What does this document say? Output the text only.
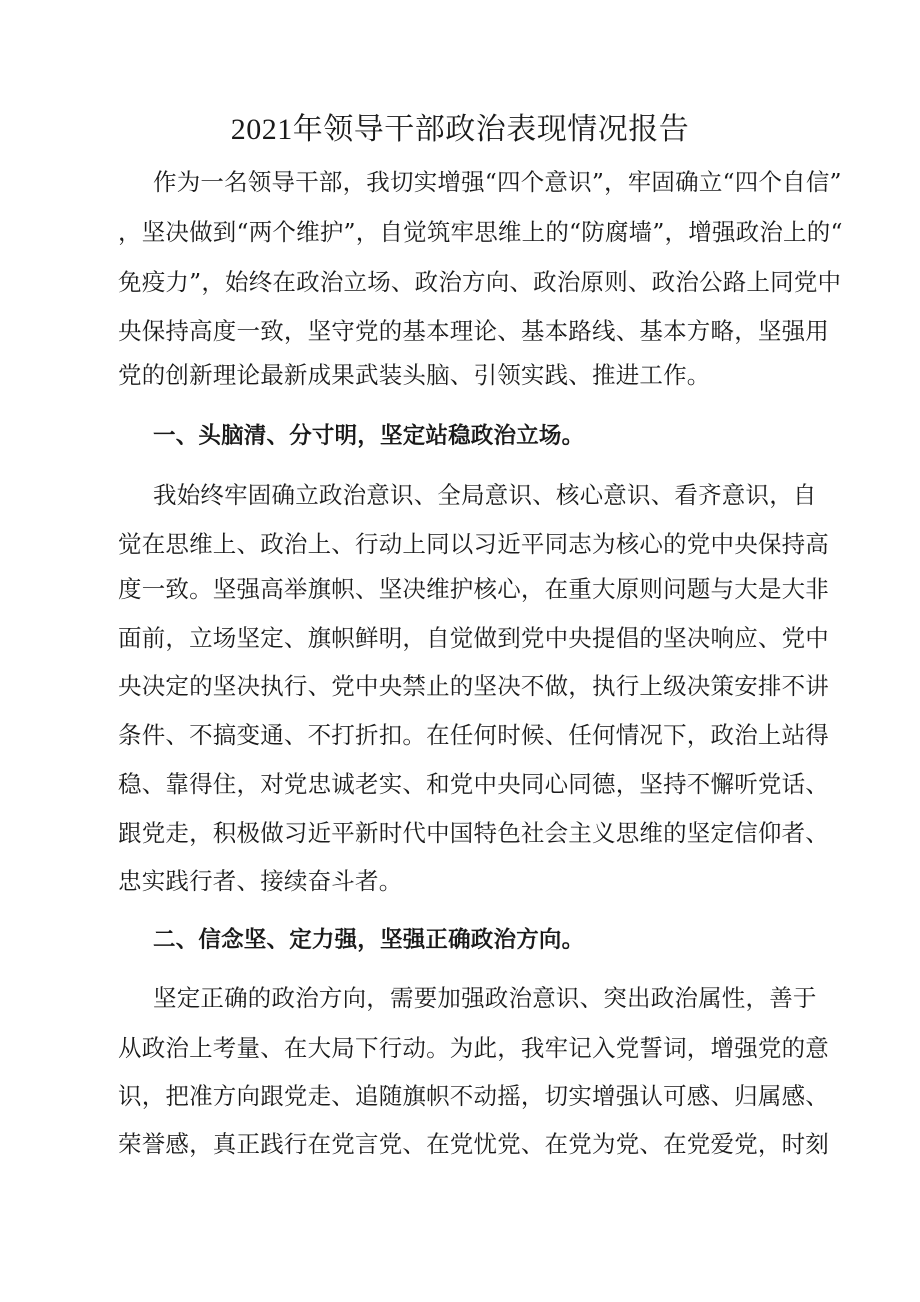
2021年领导干部政治表现情况报告
作为一名领导干部，我切实增强“四个意识”，牢固确立“四个自信”
，坚决做到“两个维护”，自觉筑牢思维上的“防腐墙”，增强政治上的“
免疫力”，始终在政治立场、政治方向、政治原则、政治公路上同党中
央保持高度一致，坚守党的基本理论、基本路线、基本方略，坚强用
党的创新理论最新成果武装头脑、引领实践、推进工作。
一、头脑清、分寸明，坚定站稳政治立场。
我始终牢固确立政治意识、全局意识、核心意识、看齐意识，自
觉在思维上、政治上、行动上同以习近平同志为核心的党中央保持高
度一致。坚强高举旗帜、坚决维护核心，在重大原则问题与大是大非
面前，立场坚定、旗帜鲜明，自觉做到党中央提倡的坚决响应、党中
央决定的坚决执行、党中央禁止的坚决不做，执行上级决策安排不讲
条件、不搞变通、不打折扣。在任何时候、任何情况下，政治上站得
稳、靠得住，对党忠诚老实、和党中央同心同德，坚持不懈听党话、
跟党走，积极做习近平新时代中国特色社会主义思维的坚定信仰者、
忠实践行者、接续奋斗者。
二、信念坚、定力强，坚强正确政治方向。
坚定正确的政治方向，需要加强政治意识、突出政治属性，善于
从政治上考量、在大局下行动。为此，我牢记入党誓词，增强党的意
识，把准方向跟党走、追随旗帜不动摇，切实增强认可感、归属感、
荣誉感，真正践行在党言党、在党忧党、在党为党、在党爱党，时刻
